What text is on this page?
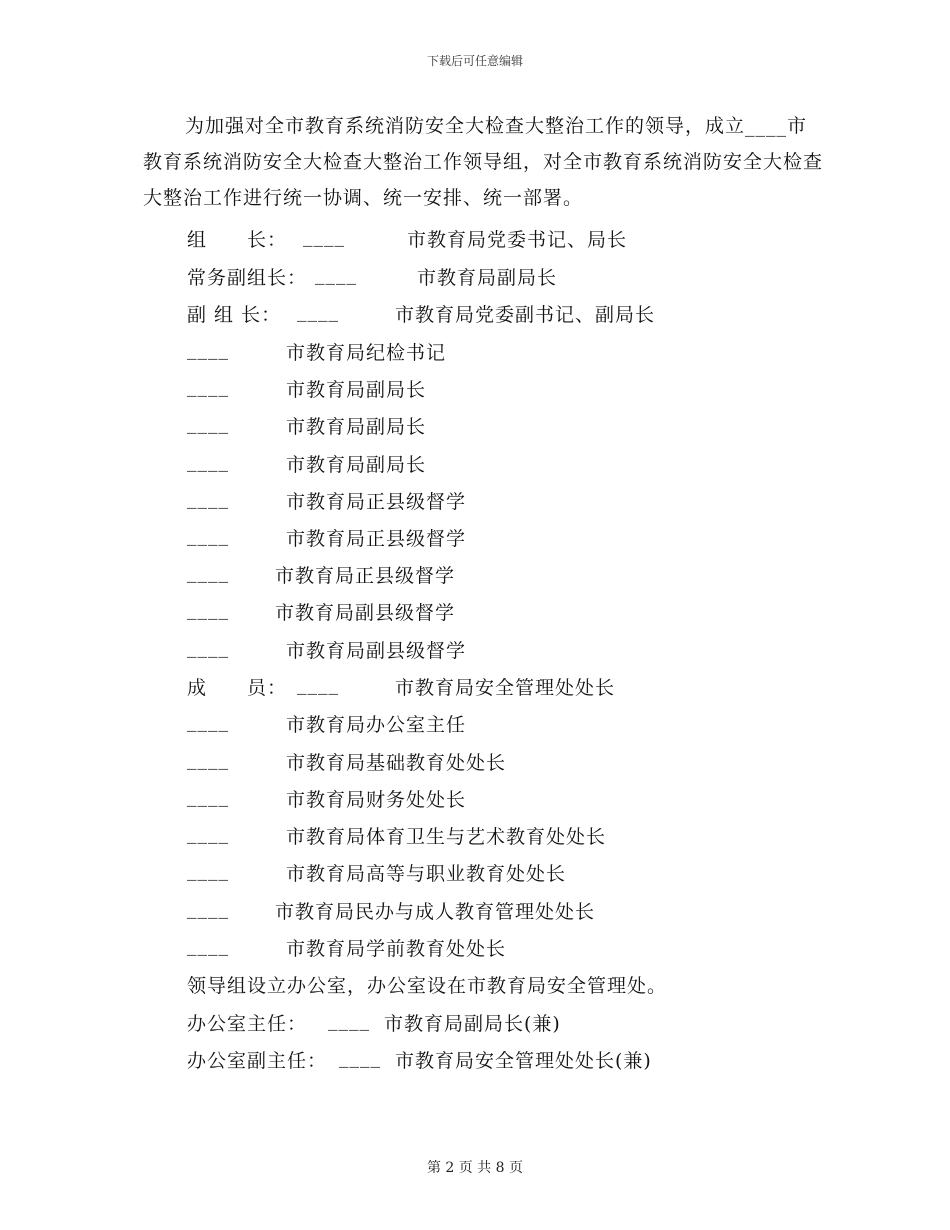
下载后可任意编辑
为加强对全市教育系统消防安全大检查大整治工作的领导，成立____市教育系统消防安全大检查大整治工作领导组，对全市教育系统消防安全大检查大整治工作进行统一协调、统一安排、统一部署。
组　　长： ____	市教育局党委书记、局长
常务副组长： ____	市教育局副局长
副 组 长： ____	市教育局党委副书记、副局长
____	市教育局纪检书记
____	市教育局副局长
____	市教育局副局长
____	市教育局副局长
____	市教育局正县级督学
____	市教育局正县级督学
____ 市教育局正县级督学
____ 市教育局副县级督学
____	市教育局副县级督学
成　　员： ____	市教育局安全管理处处长
____	市教育局办公室主任
____	市教育局基础教育处处长
____	市教育局财务处处长
____	市教育局体育卫生与艺术教育处处长
____	市教育局高等与职业教育处处长
____ 市教育局民办与成人教育管理处处长
____	市教育局学前教育处处长
领导组设立办公室，办公室设在市教育局安全管理处。
办公室主任： ____ 市教育局副局长(兼)
办公室副主任： ____ 市教育局安全管理处处长(兼)
第 2 页 共 8 页
